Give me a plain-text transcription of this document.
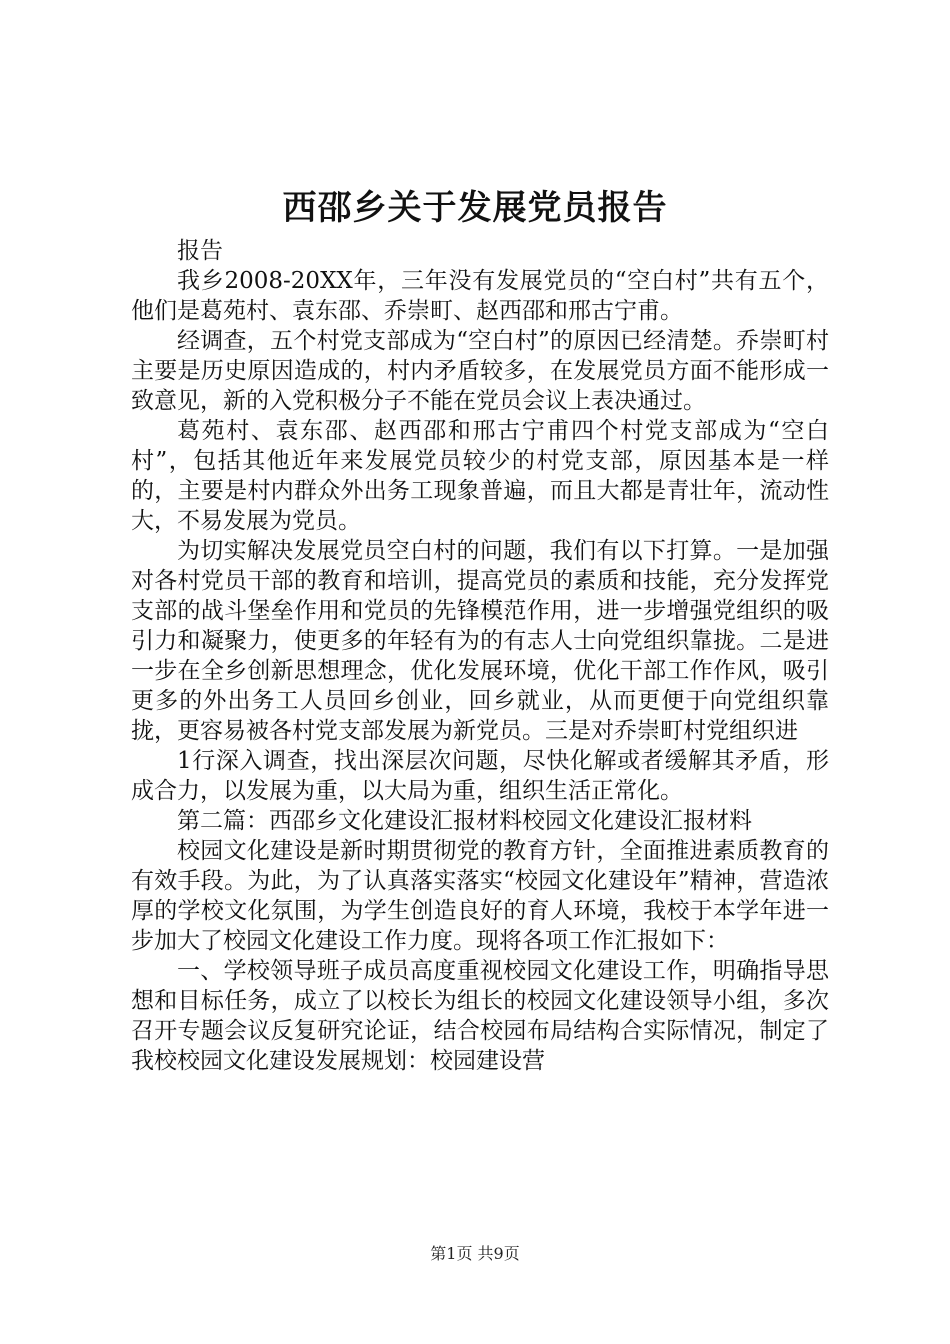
西邵乡关于发展党员报告

报告

我乡2008-20XX年，三年没有发展党员的“空白村”共有五个，他们是葛苑村、袁东邵、乔崇町、赵西邵和邢古宁甫。

经调查，五个村党支部成为“空白村”的原因已经清楚。乔崇町村主要是历史原因造成的，村内矛盾较多，在发展党员方面不能形成一致意见，新的入党积极分子不能在党员会议上表决通过。

葛苑村、袁东邵、赵西邵和邢古宁甫四个村党支部成为“空白村”，包括其他近年来发展党员较少的村党支部，原因基本是一样的，主要是村内群众外出务工现象普遍，而且大都是青壮年，流动性大，不易发展为党员。

为切实解决发展党员空白村的问题，我们有以下打算。一是加强对各村党员干部的教育和培训，提高党员的素质和技能，充分发挥党支部的战斗堡垒作用和党员的先锋模范作用，进一步增强党组织的吸引力和凝聚力，使更多的年轻有为的有志人士向党组织靠拢。二是进一步在全乡创新思想理念，优化发展环境，优化干部工作作风，吸引更多的外出务工人员回乡创业，回乡就业，从而更便于向党组织靠拢，更容易被各村党支部发展为新党员。三是对乔崇町村党组织进

1行深入调查，找出深层次问题，尽快化解或者缓解其矛盾，形成合力，以发展为重，以大局为重，组织生活正常化。

第二篇：西邵乡文化建设汇报材料校园文化建设汇报材料

校园文化建设是新时期贯彻党的教育方针，全面推进素质教育的有效手段。为此，为了认真落实落实“校园文化建设年”精神，营造浓厚的学校文化氛围，为学生创造良好的育人环境，我校于本学年进一步加大了校园文化建设工作力度。现将各项工作汇报如下：

一、学校领导班子成员高度重视校园文化建设工作，明确指导思想和目标任务，成立了以校长为组长的校园文化建设领导小组，多次召开专题会议反复研究论证，结合校园布局结构合实际情况，制定了我校校园文化建设发展规划：校园建设营

第1页 共9页
